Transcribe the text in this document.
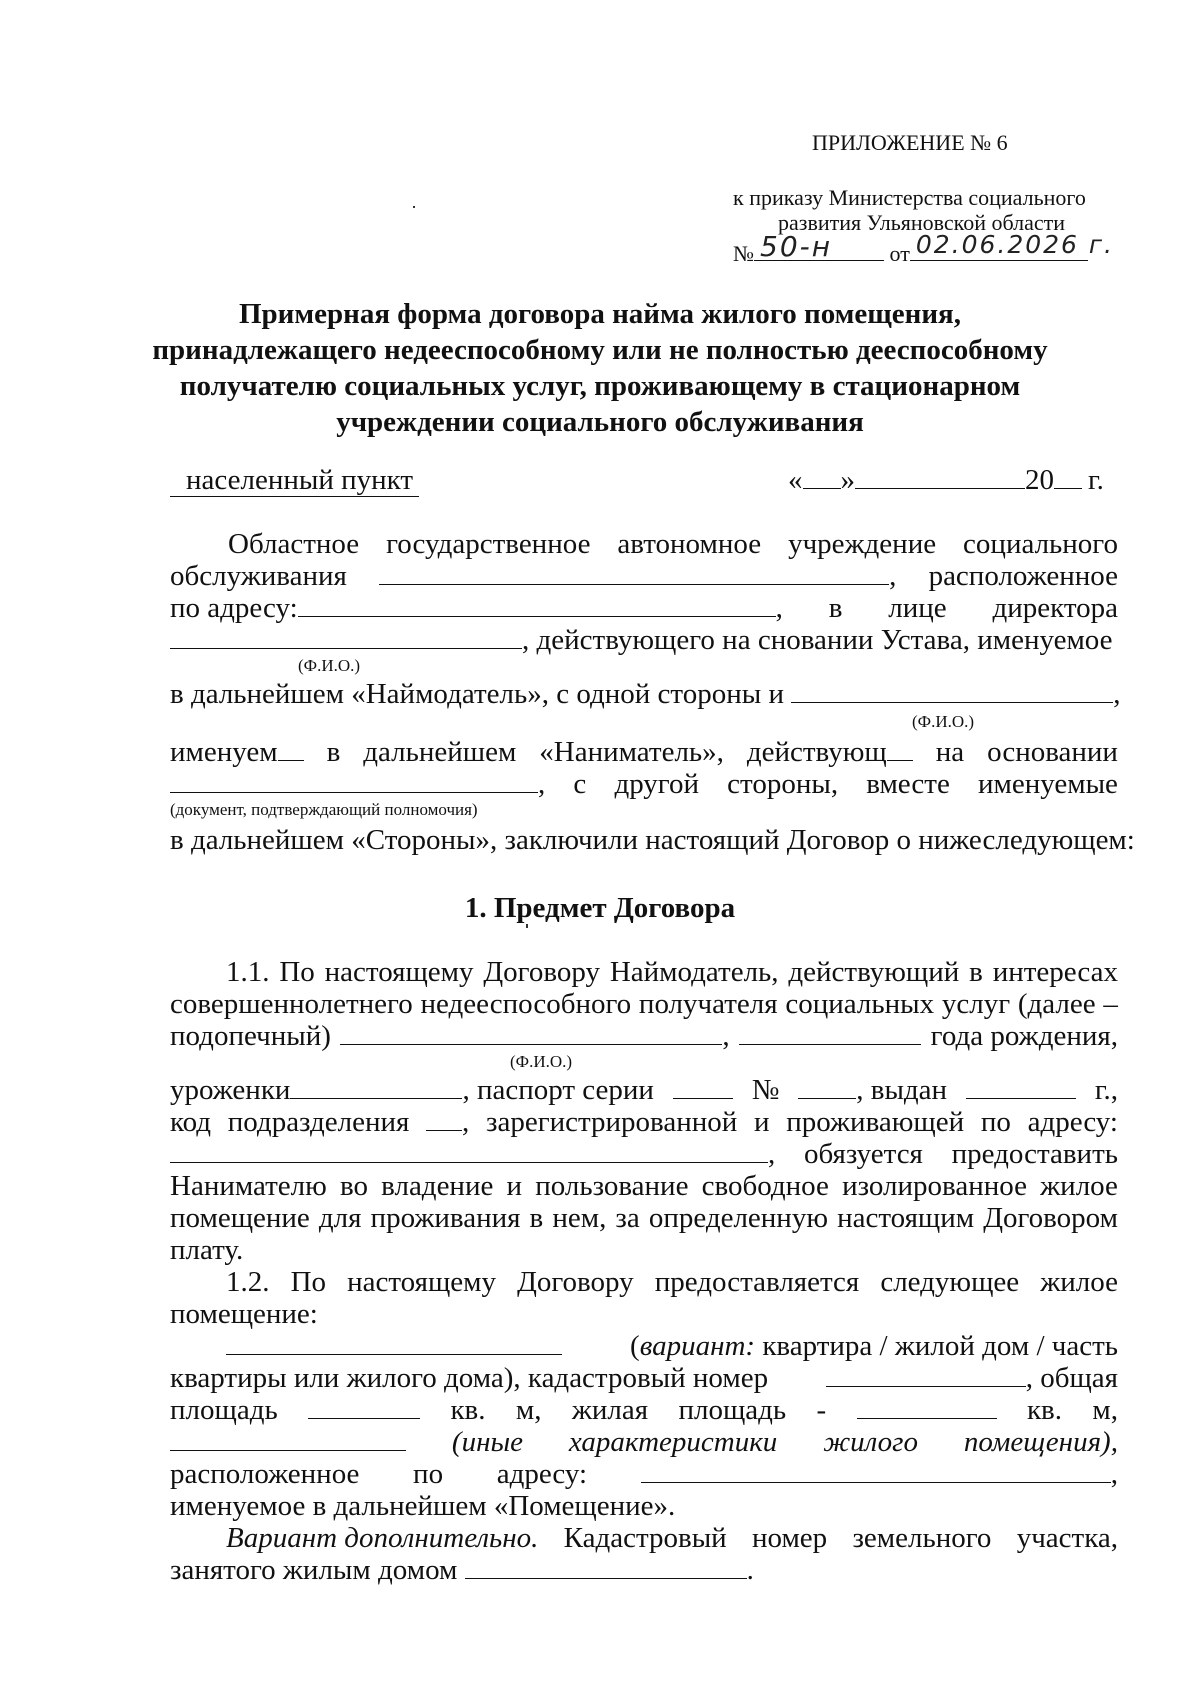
ПРИЛОЖЕНИЕ № 6
к приказу Министерства социального
развития Ульяновской области
№ 50-н	от 02.06.2026 г.
Примерная форма договора найма жилого помещения,
принадлежащего недееспособному или не полностью дееспособному
получателю социальных услуг, проживающему в стационарном
учреждении социального обслуживания
населенный пункт	« »	20 г.
Областное государственное автономное учреждение социального
обслуживания	, расположенное
по адресу:	, в лице директора
, действующего на сновании Устава, именуемое
(Ф.И.О.)
в дальнейшем «Наймодатель», с одной стороны и	,
(Ф.И.О.)
именуем	в дальнейшем «Наниматель», действующ	на основании
, с другой стороны, вместе именуемые
(документ, подтверждающий полномочия)
в дальнейшем «Стороны», заключили настоящий Договор о нижеследующем:
1. Предмет Договора
1.1. По настоящему Договору Наймодатель, действующий в интересах
совершеннолетнего недееспособного получателя социальных услуг (далее –
подопечный)	,	года рождения,
(Ф.И.О.)
уроженки	, паспорт серии	№	, выдан	г.,
код подразделения	, зарегистрированной и проживающей по адресу:
, обязуется предоставить
Нанимателю во владение и пользование свободное изолированное жилое
помещение для проживания в нем, за определенную настоящим Договором
плату.
1.2. По настоящему Договору предоставляется следующее жилое
помещение:
(вариант: квартира / жилой дом / часть
квартиры или жилого дома), кадастровый номер	, общая
площадь	кв. м, жилая площадь -	кв. м,
(иные характеристики жилого помещения),
расположенное по адресу:	,
именуемое в дальнейшем «Помещение».
Вариант дополнительно. Кадастровый номер земельного участка,
занятого жилым домом	.
